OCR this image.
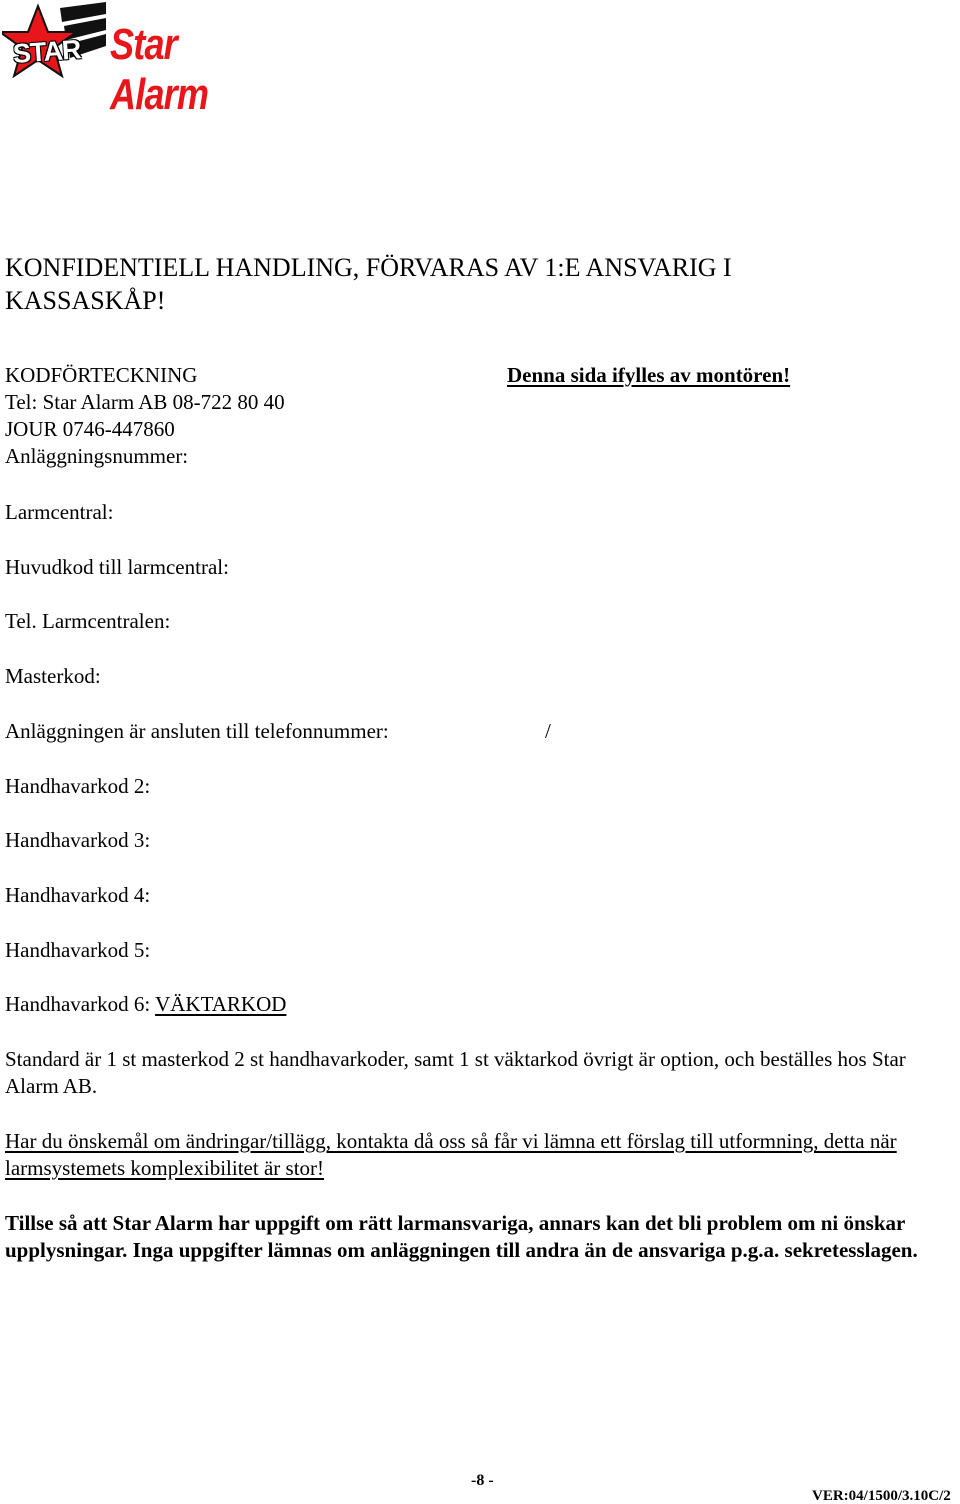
STAR Star Alarm
KONFIDENTIELL HANDLING, FÖRVARAS AV 1:E ANSVARIG I KASSASKÅP!
KODFÖRTECKNING	Denna sida ifylles av montören!
Tel: Star Alarm AB 08-722 80 40
JOUR 0746-447860
Anläggningsnummer:
Larmcentral:
Huvudkod till larmcentral:
Tel. Larmcentralen:
Masterkod:
Anläggningen är ansluten till telefonnummer:	/
Handhavarkod 2:
Handhavarkod 3:
Handhavarkod 4:
Handhavarkod 5:
Handhavarkod 6: VÄKTARKOD
Standard är 1 st masterkod 2 st handhavarkoder, samt 1 st väktarkod övrigt är option, och beställes hos Star Alarm AB.
Har du önskemål om ändringar/tillägg, kontakta då oss så får vi lämna ett förslag till utformning, detta när larmsystemets komplexibilitet är stor!
Tillse så att Star Alarm har uppgift om rätt larmansvariga, annars kan det bli problem om ni önskar upplysningar. Inga uppgifter lämnas om anläggningen till andra än de ansvariga p.g.a. sekretesslagen.
-8 -
VER:04/1500/3.10C/2
